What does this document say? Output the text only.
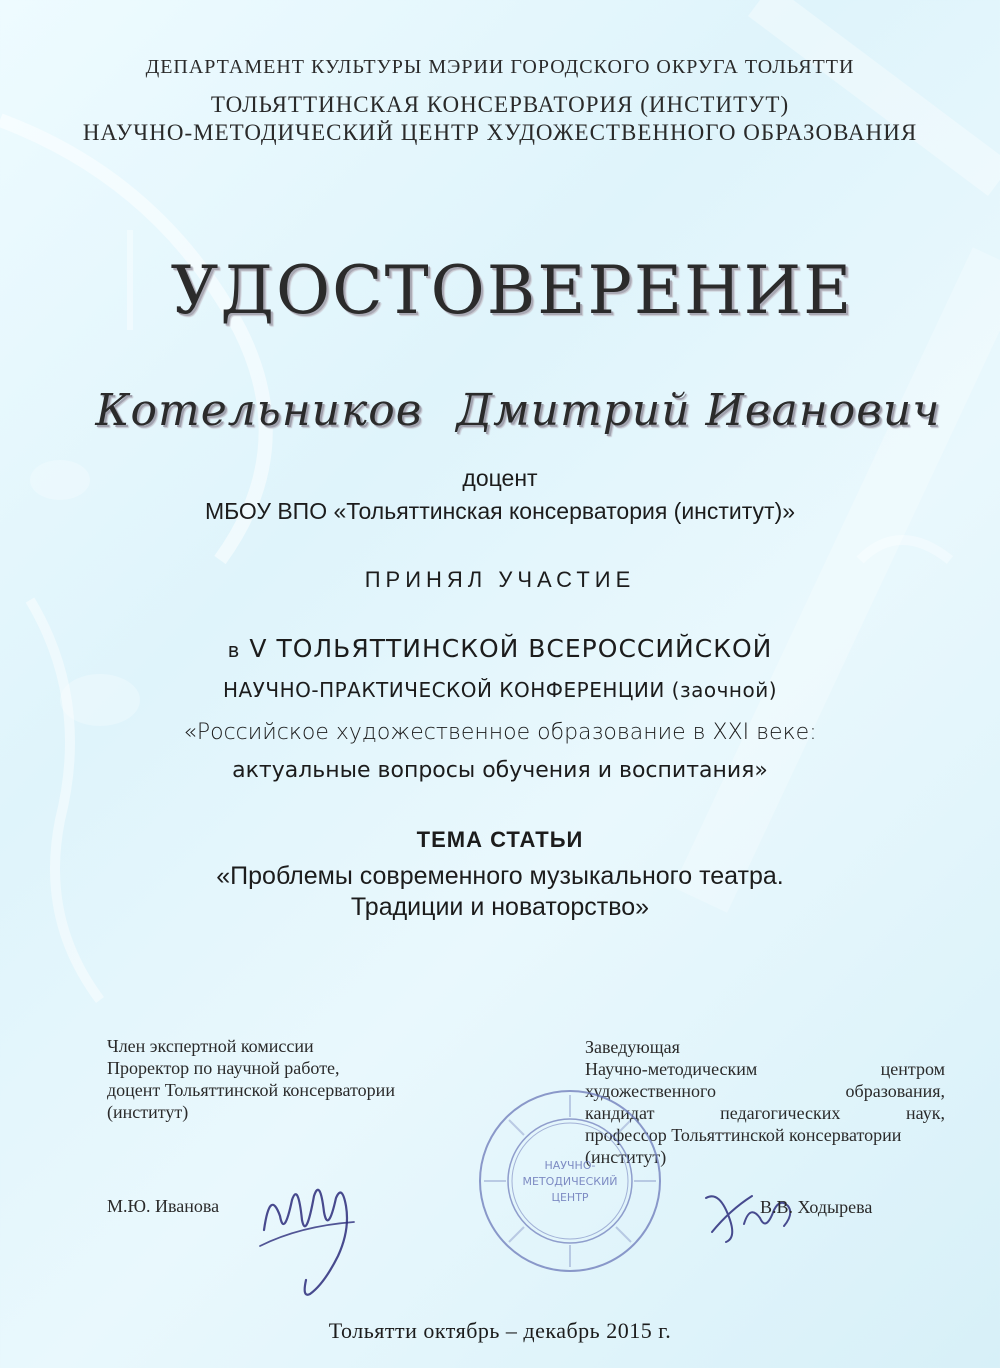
ДЕПАРТАМЕНТ КУЛЬТУРЫ МЭРИИ ГОРОДСКОГО ОКРУГА ТОЛЬЯТТИ
ТОЛЬЯТТИНСКАЯ КОНСЕРВАТОРИЯ (ИНСТИТУТ)
НАУЧНО-МЕТОДИЧЕСКИЙ ЦЕНТР ХУДОЖЕСТВЕННОГО ОБРАЗОВАНИЯ
УДОСТОВЕРЕНИЕ
Котельников Дмитрий Иванович
доцент
МБОУ ВПО «Тольяттинская консерватория (институт)»
ПРИНЯЛ УЧАСТИЕ
в V ТОЛЬЯТТИНСКОЙ ВСЕРОССИЙСКОЙ
НАУЧНО-ПРАКТИЧЕСКОЙ КОНФЕРЕНЦИИ (заочной)
«Российское художественное образование в XXI веке:
актуальные вопросы обучения и воспитания»
ТЕМА СТАТЬИ
«Проблемы современного музыкального театра.
Традиции и новаторство»
Член экспертной комиссии
Проректор по научной работе,
доцент Тольяттинской консерватории
(институт)
Заведующая
Научно-методическим центром
художественного образования,
кандидат педагогических наук,
профессор Тольяттинской консерватории
(институт)
НАУЧНО-
МЕТОДИЧЕСКИЙ
ЦЕНТР
М.Ю. Иванова	В.В. Ходырева
Тольятти октябрь – декабрь 2015 г.
